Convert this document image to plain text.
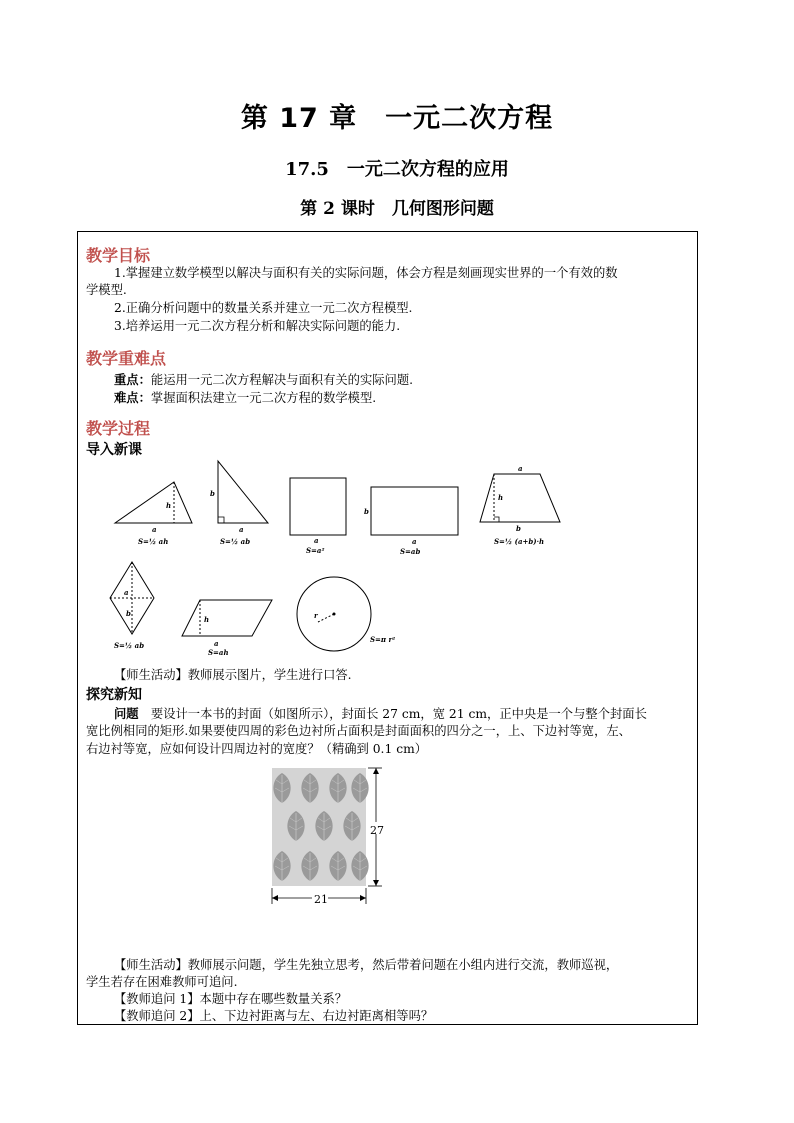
第 17 章　一元二次方程
17.5　一元二次方程的应用
第 2 课时　几何图形问题
教学目标
1.掌握建立数学模型以解决与面积有关的实际问题，体会方程是刻画现实世界的一个有效的数
学模型.
2.正确分析问题中的数量关系并建立一元二次方程模型.
3.培养运用一元二次方程分析和解决实际问题的能力.
教学重难点
重点：能运用一元二次方程解决与面积有关的实际问题.
难点：掌握面积法建立一元二次方程的数学模型.
教学过程
导入新课
h
a
S=½ ah
b
a
S=½ ab	a
S=a²
b
a
S=ab
a
h
b
S=½ (a+b)·h
a
b
S=½ ab
h
a
S=ah
r
S=π r²
【师生活动】教师展示图片，学生进行口答.
探究新知
问题　要设计一本书的封面（如图所示），封面长 27 cm，宽 21 cm，正中央是一个与整个封面长
宽比例相同的矩形.如果要使四周的彩色边衬所占面积是封面面积的四分之一，上、下边衬等宽，左、
右边衬等宽，应如何设计四周边衬的宽度？（精确到 0.1 cm）
27
21
【师生活动】教师展示问题，学生先独立思考，然后带着问题在小组内进行交流，教师巡视，
学生若存在困难教师可追问.
【教师追问 1】本题中存在哪些数量关系？
【教师追问 2】上、下边衬距离与左、右边衬距离相等吗？
